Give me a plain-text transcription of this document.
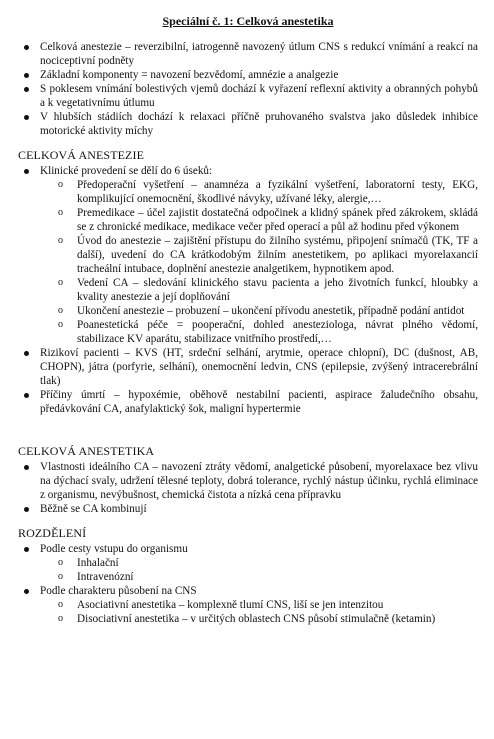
Speciální č. 1: Celková anestetika
Celková anestezie – reverzibilní, iatrogenně navozený útlum CNS s redukcí vnímání a reakcí na nociceptivní podněty
Základní komponenty = navození bezvědomí, amnézie a analgezie
S poklesem vnímání bolestivých vjemů dochází k vyřazení reflexní aktivity a obranných pohybů a k vegetativnímu útlumu
V hlubších stádiích dochází k relaxaci příčně pruhovaného svalstva jako důsledek inhibice motorické aktivity míchy
CELKOVÁ ANESTEZIE
Klinické provedení se dělí do 6 úseků:
o Předoperační vyšetření – anamnéza a fyzikální vyšetření, laboratorní testy, EKG, komplikující onemocnění, škodlivé návyky, užívané léky, alergie,…
o Premedikace – účel zajistit dostatečná odpočinek a klidný spánek před zákrokem, skládá se z chronické medikace, medikace večer před operací a půl až hodinu před výkonem
o Úvod do anestezie – zajištění přístupu do žilního systému, připojení snímačů (TK, TF a další), uvedení do CA krátkodobým žilním anestetikem, po aplikaci myorelaxancií tracheální intubace, doplnění anestezie analgetikem, hypnotikem apod.
o Vedení CA – sledování klinického stavu pacienta a jeho životních funkcí, hloubky a kvality anestezie a její doplňování
o Ukončení anestezie – probuzení – ukončení přívodu anestetik, případně podání antidot
o Poanestetická péče = pooperační, dohled anesteziologa, návrat plného vědomí, stabilizace KV aparátu, stabilizace vnitřního prostředí,…
Rizikoví pacienti – KVS (HT, srdeční selhání, arytmie, operace chlopní), DC (dušnost, AB, CHOPN), játra (porfyrie, selhání), onemocnění ledvin, CNS (epilepsie, zvýšený intracerebrální tlak)
Příčiny úmrtí – hypoxémie, oběhově nestabilní pacienti, aspirace žaludečního obsahu, předávkování CA, anafylaktický šok, maligní hypertermie
CELKOVÁ ANESTETIKA
Vlastnosti ideálního CA – navození ztráty vědomí, analgetické působení, myorelaxace bez vlivu na dýchací svaly, udržení tělesné teploty, dobrá tolerance, rychlý nástup účinku, rychlá eliminace z organismu, nevýbušnost, chemická čistota a nízká cena přípravku
Běžně se CA kombinují
ROZDĚLENÍ
Podle cesty vstupu do organismu
o Inhalační
o Intravenózní
Podle charakteru působení na CNS
o Asociativní anestetika – komplexně tlumí CNS, liší se jen intenzitou
o Disociativní anestetika – v určitých oblastech CNS působí stimulačně (ketamin)
